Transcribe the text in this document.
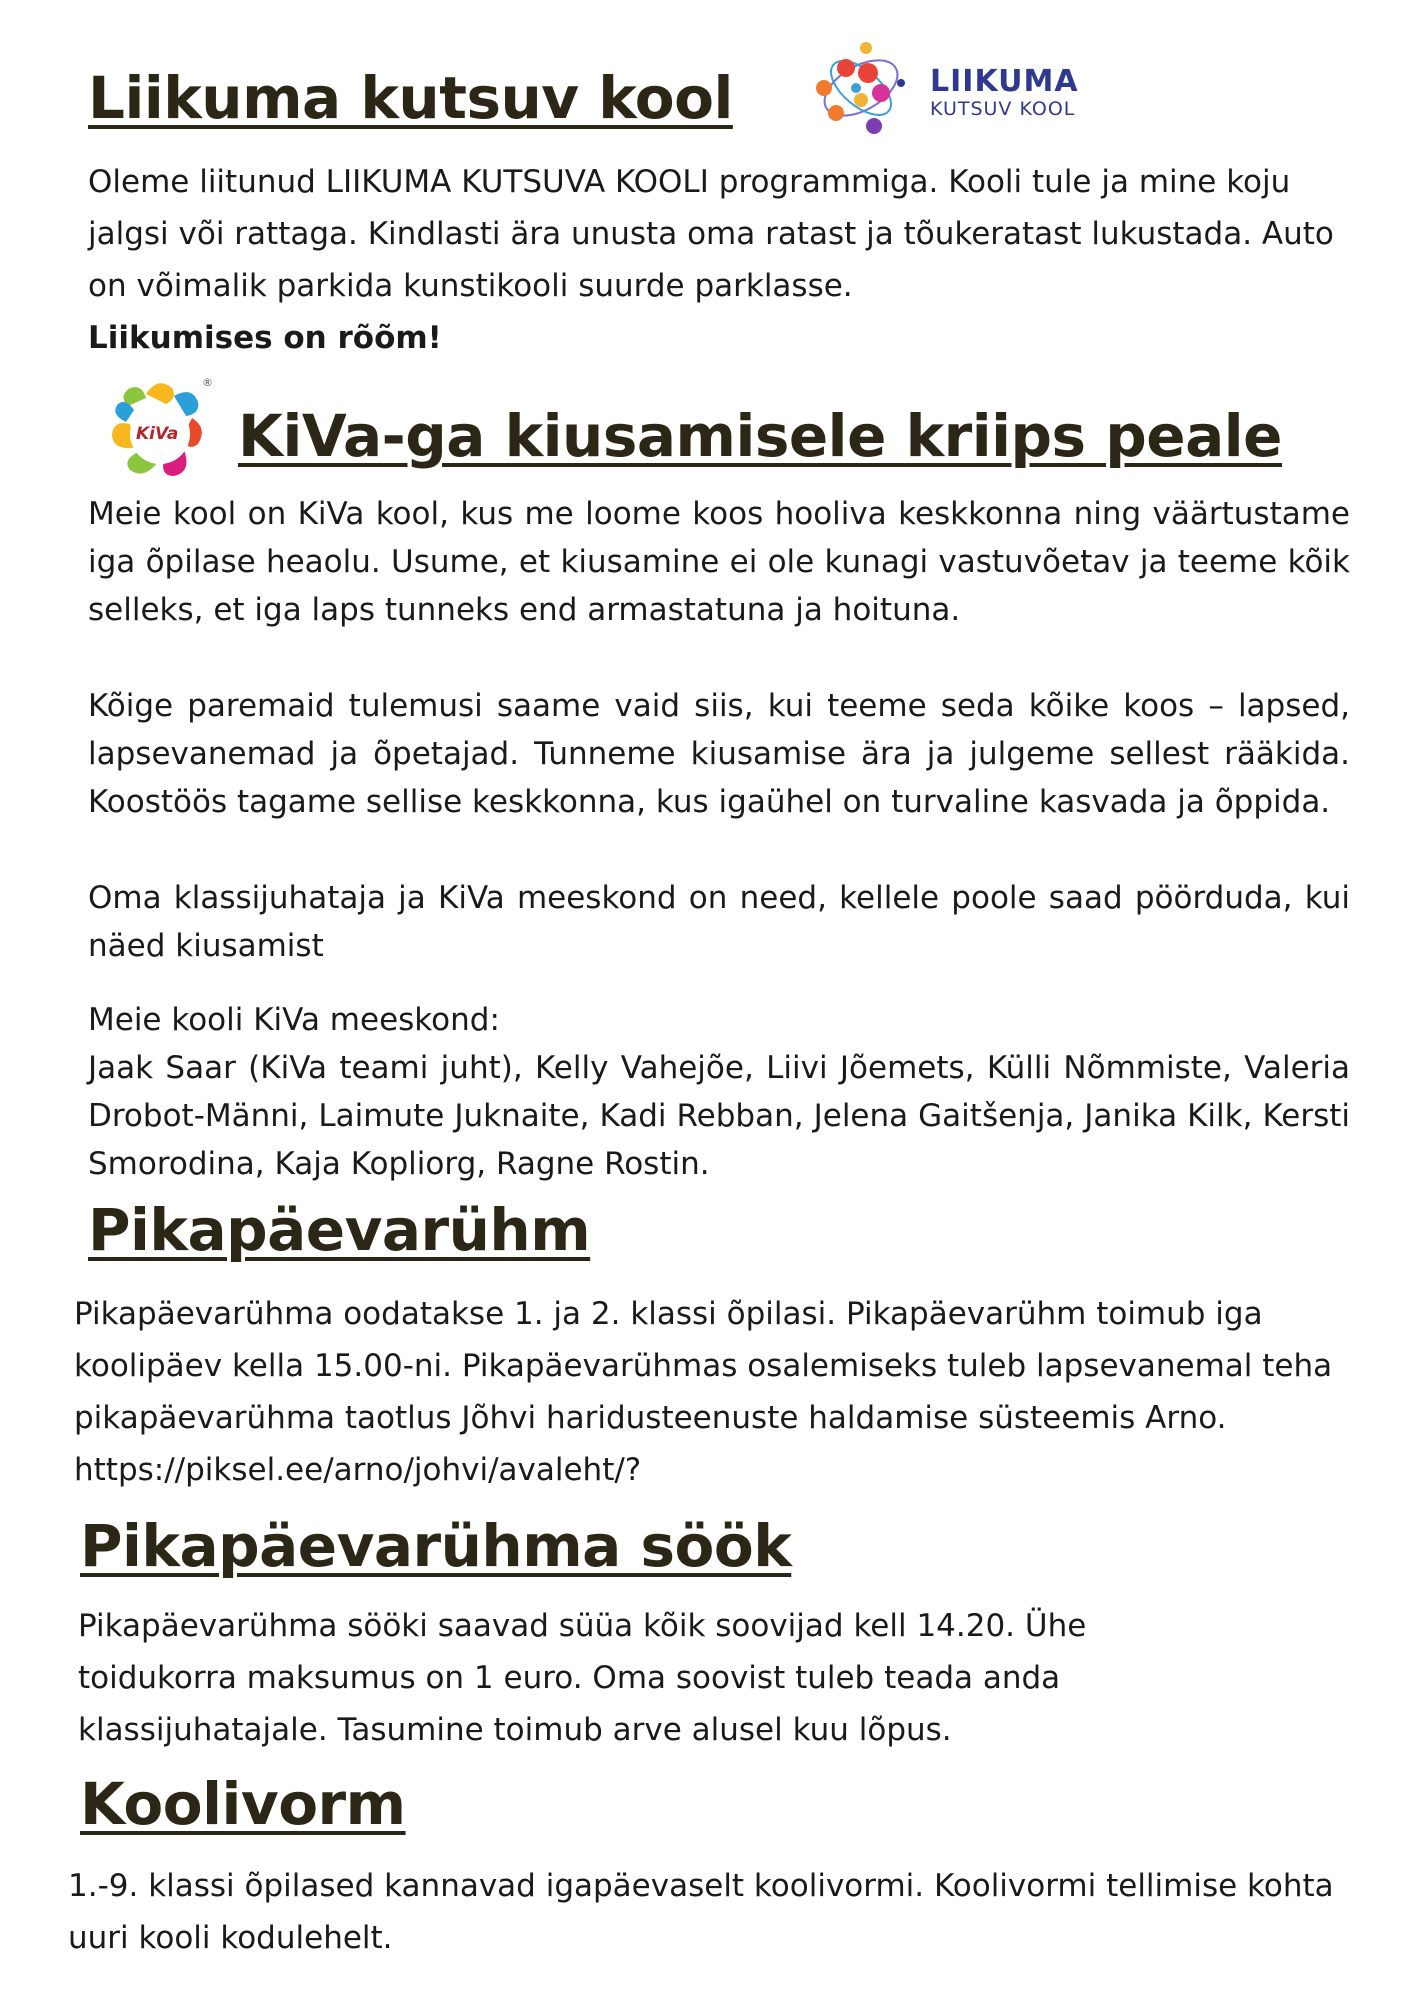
Liikuma kutsuv kool	LIIKUMA
KUTSUV KOOL

Oleme liitunud LIIKUMA KUTSUVA KOOLI programmiga. Kooli tule ja mine koju jalgsi või rattaga. Kindlasti ära unusta oma ratast ja tõukeratast lukustada. Auto on võimalik parkida kunstikooli suurde parklasse.

Liikumises on rõõm!

KiVa
®
KiVa-ga kiusamisele kriips peale

Meie kool on KiVa kool, kus me loome koos hooliva keskkonna ning väärtustame iga õpilase heaolu. Usume, et kiusamine ei ole kunagi vastuvõetav ja teeme kõik selleks, et iga laps tunneks end armastatuna ja hoituna.

Kõige paremaid tulemusi saame vaid siis, kui teeme seda kõike koos – lapsed, lapsevanemad ja õpetajad. Tunneme kiusamise ära ja julgeme sellest rääkida. Koostöös tagame sellise keskkonna, kus igaühel on turvaline kasvada ja õppida.

Oma klassijuhataja ja KiVa meeskond on need, kellele poole saad pöörduda, kui näed kiusamist

Meie kooli KiVa meeskond:

Jaak Saar (KiVa teami juht), Kelly Vahejõe, Liivi Jõemets, Külli Nõmmiste, Valeria Drobot-Männi, Laimute Juknaite, Kadi Rebban, Jelena Gaitšenja, Janika Kilk, Kersti Smorodina, Kaja Kopliorg, Ragne Rostin.

Pikapäevarühm

Pikapäevarühma oodatakse 1. ja 2. klassi õpilasi. Pikapäevarühm toimub iga koolipäev kella 15.00-ni. Pikapäevarühmas osalemiseks tuleb lapsevanemal teha pikapäevarühma taotlus Jõhvi haridusteenuste haldamise süsteemis Arno. https://piksel.ee/arno/johvi/avaleht/?

Pikapäevarühma söök

Pikapäevarühma sööki saavad süüa kõik soovijad kell 14.20. Ühe toidukorra maksumus on 1 euro. Oma soovist tuleb teada anda klassijuhatajale. Tasumine toimub arve alusel kuu lõpus.

Koolivorm

1.-9. klassi õpilased kannavad igapäevaselt koolivormi. Koolivormi tellimise kohta uuri kooli kodulehelt.
